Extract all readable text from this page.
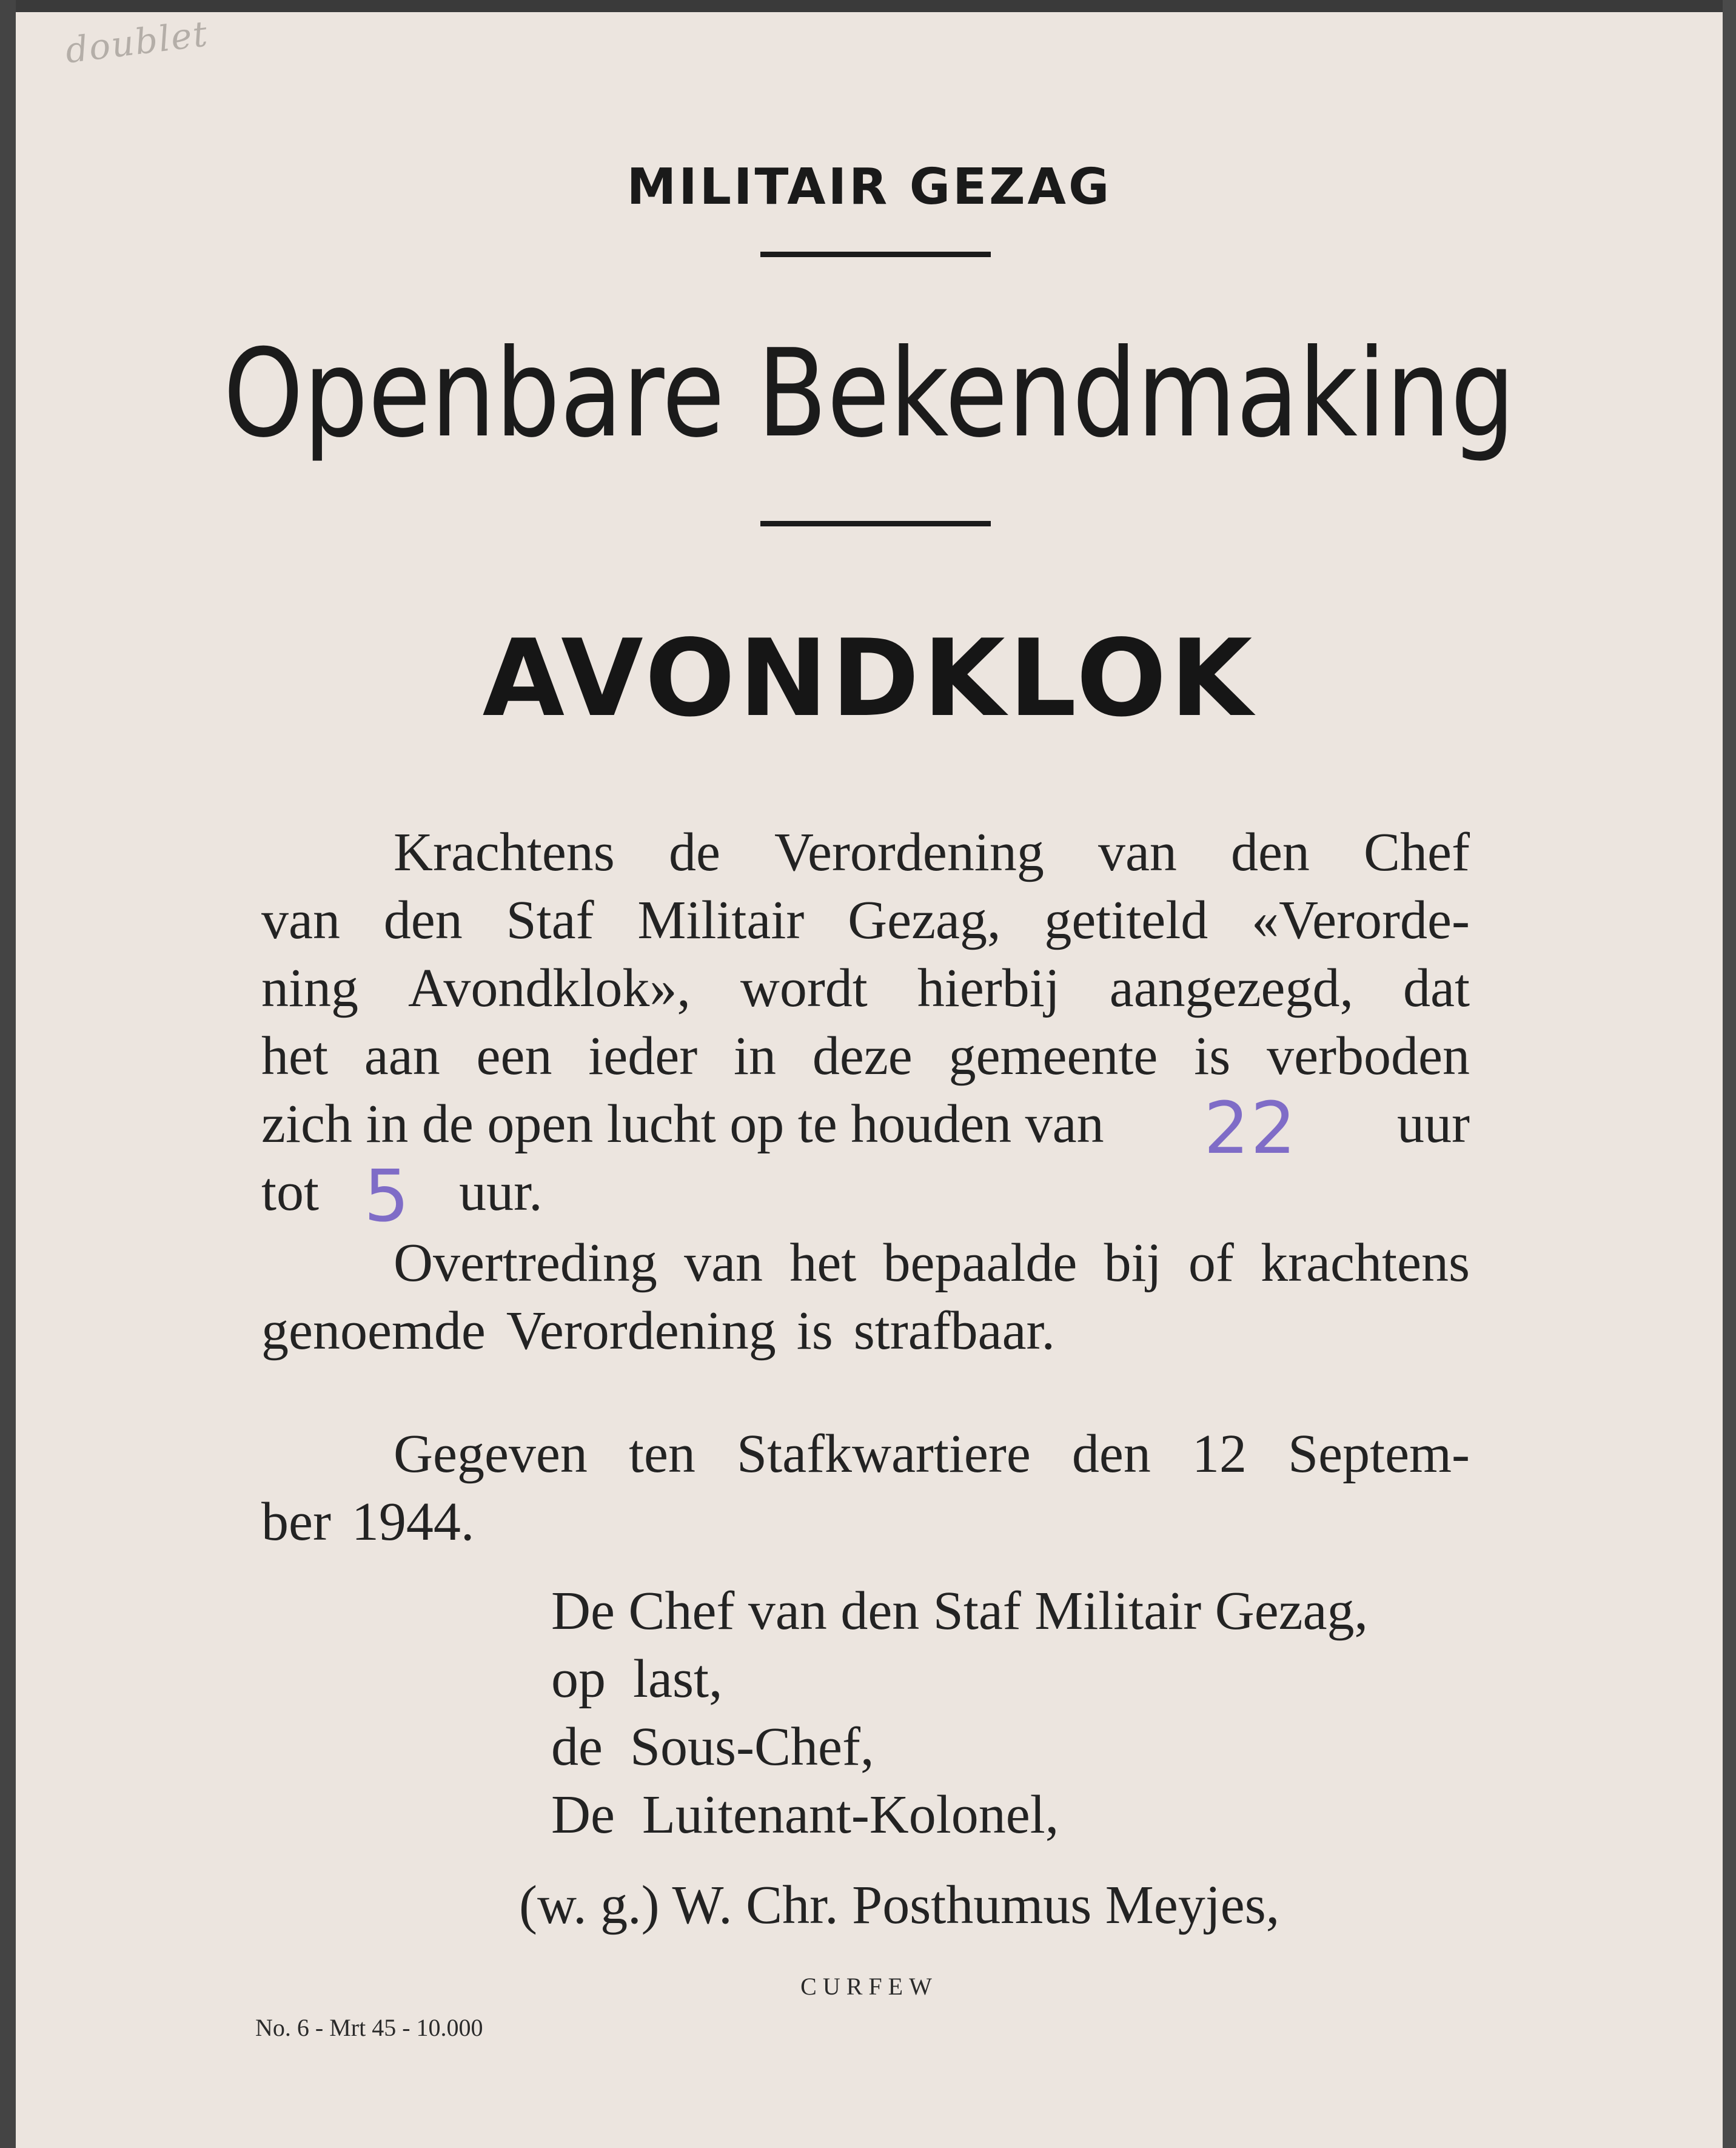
doublet
MILITAIR GEZAG
Openbare Bekendmaking
AVONDKLOK
Krachtens de Verordening van den Chef
van den Staf Militair Gezag, getiteld «Verorde-
ning Avondklok», wordt hierbij aangezegd, dat
het aan een ieder in deze gemeente is verboden
zich in de open lucht op te houden van 22 uur
tot 5 uur.
Overtreding van het bepaalde bij of krachtens
genoemde Verordening is strafbaar.
Gegeven ten Stafkwartiere den 12 Septem-
ber 1944.
De Chef van den Staf Militair Gezag,
op  last,
de  Sous-Chef,
De  Luitenant-Kolonel,
(w. g.) W. Chr. Posthumus Meyjes,
CURFEW
No. 6 - Mrt 45 - 10.000
